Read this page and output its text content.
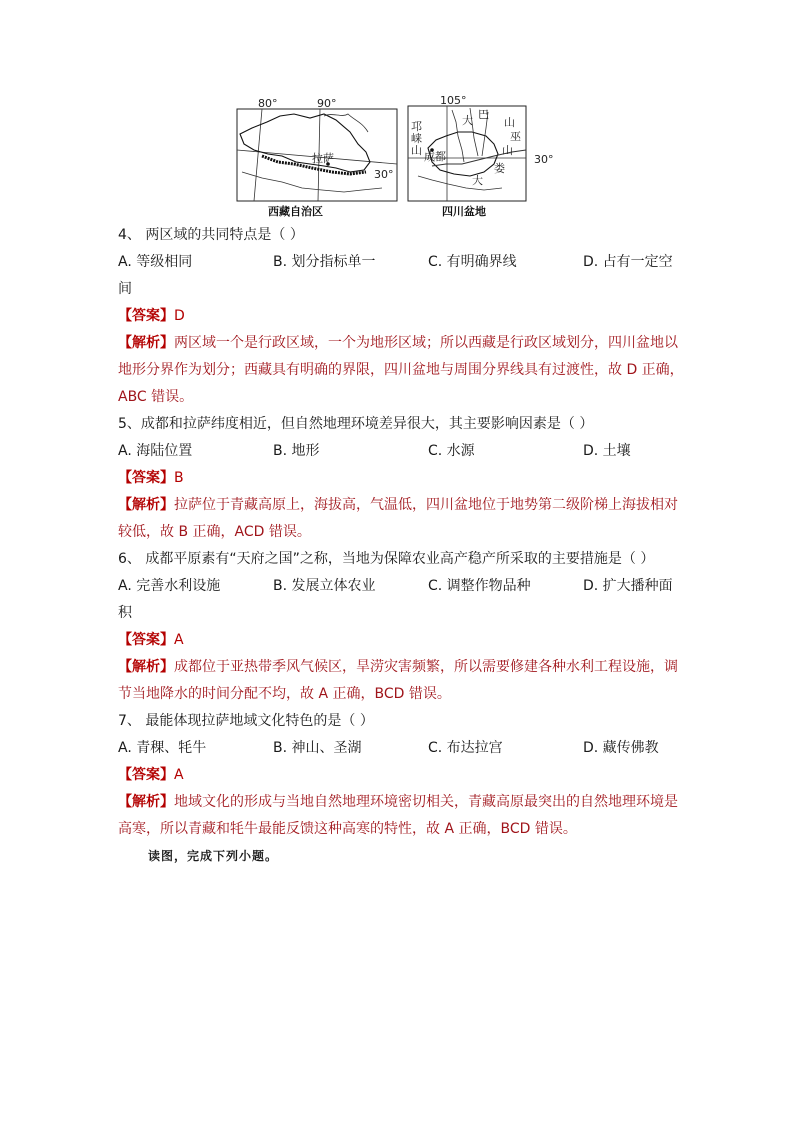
80°	90°
拉萨
30°
西藏自治区
105°
邛
崃
山 成都
大 巴
山
巫
山
大
娄
30°
四川盆地
4、 两区域的共同特点是（ ）
A. 等级相同	B. 划分指标单一	C. 有明确界线	D. 占有一定空
间
【答案】D
【解析】两区域一个是行政区域，一个为地形区域；所以西藏是行政区域划分，四川盆地以
地形分界作为划分；西藏具有明确的界限，四川盆地与周围分界线具有过渡性，故 D 正确，
ABC 错误。
5、成都和拉萨纬度相近，但自然地理环境差异很大，其主要影响因素是（ ）
A. 海陆位置	B. 地形	C. 水源	D. 土壤
【答案】B
【解析】拉萨位于青藏高原上，海拔高，气温低，四川盆地位于地势第二级阶梯上海拔相对
较低，故 B 正确，ACD 错误。
6、 成都平原素有“天府之国”之称，当地为保障农业高产稳产所采取的主要措施是（ ）
A. 完善水利设施	B. 发展立体农业	C. 调整作物品种	D. 扩大播种面
积
【答案】A
【解析】成都位于亚热带季风气候区，旱涝灾害频繁，所以需要修建各种水利工程设施，调
节当地降水的时间分配不均，故 A 正确，BCD 错误。
7、 最能体现拉萨地域文化特色的是（ ）
A. 青稞、牦牛	B. 神山、圣湖	C. 布达拉宫	D. 藏传佛教
【答案】A
【解析】地域文化的形成与当地自然地理环境密切相关，青藏高原最突出的自然地理环境是
高寒，所以青藏和牦牛最能反馈这种高寒的特性，故 A 正确，BCD 错误。
读图，完成下列小题。
